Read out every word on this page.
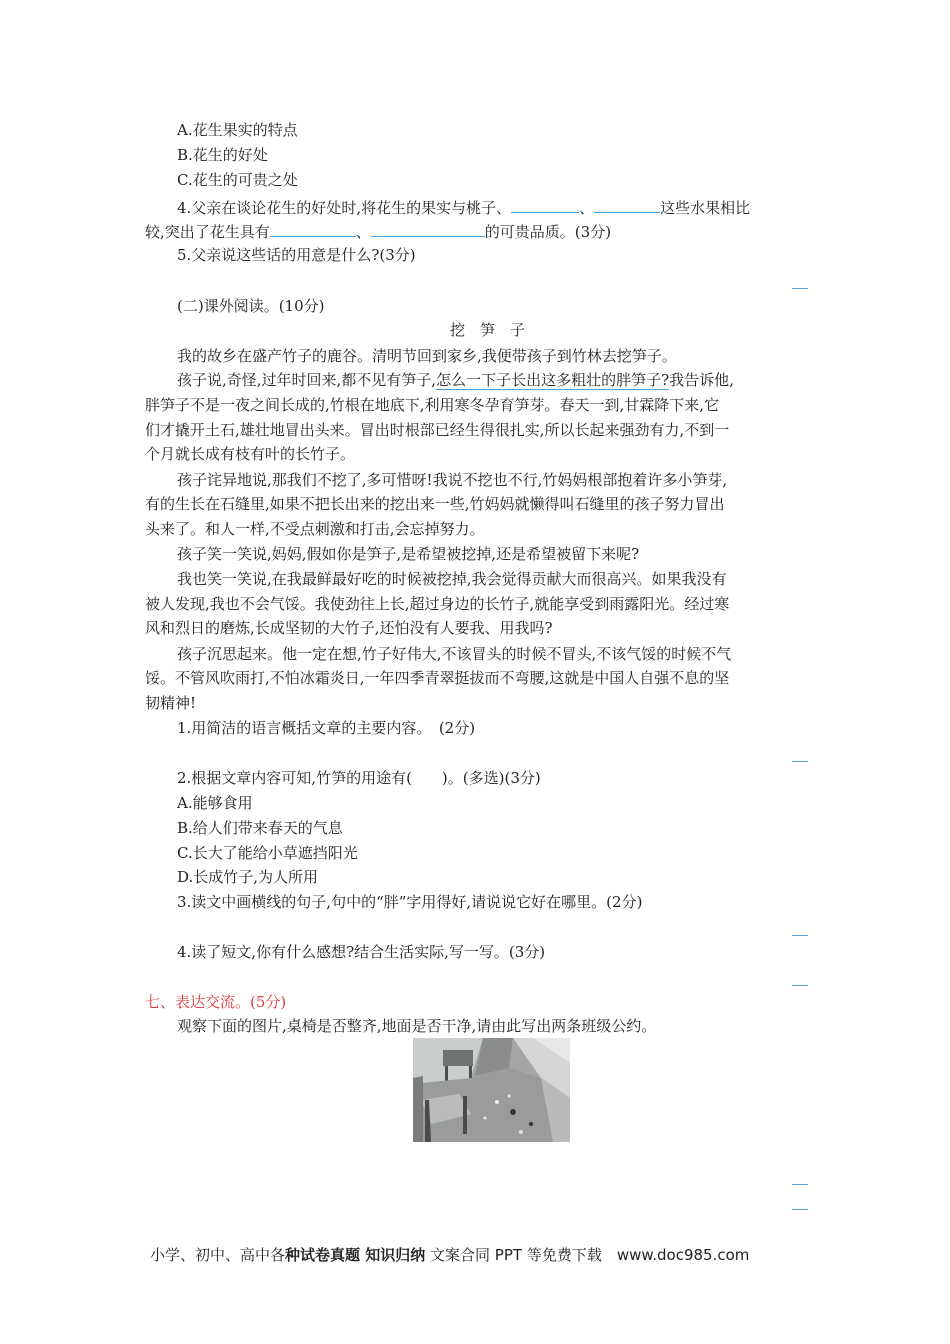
A.花生果实的特点
B.花生的好处
C.花生的可贵之处
4.父亲在谈论花生的好处时,将花生的果实与桃子、	、	这些水果相比
较,突出了花生具有	、	的可贵品质。(3分)
5.父亲说这些话的用意是什么?(3分)
(二)课外阅读。(10分)
挖　笋　子
我的故乡在盛产竹子的鹿谷。清明节回到家乡,我便带孩子到竹林去挖笋子。
孩子说,奇怪,过年时回来,都不见有笋子,怎么一下子长出这多粗壮的胖笋子?我告诉他,
胖笋子不是一夜之间长成的,竹根在地底下,利用寒冬孕育笋芽。春天一到,甘霖降下来,它
们才撬开土石,雄壮地冒出头来。冒出时根部已经生得很扎实,所以长起来强劲有力,不到一
个月就长成有枝有叶的长竹子。
孩子诧异地说,那我们不挖了,多可惜呀!我说不挖也不行,竹妈妈根部抱着许多小笋芽,
有的生长在石缝里,如果不把长出来的挖出来一些,竹妈妈就懒得叫石缝里的孩子努力冒出
头来了。和人一样,不受点刺激和打击,会忘掉努力。
孩子笑一笑说,妈妈,假如你是笋子,是希望被挖掉,还是希望被留下来呢?
我也笑一笑说,在我最鲜最好吃的时候被挖掉,我会觉得贡献大而很高兴。如果我没有
被人发现,我也不会气馁。我使劲往上长,超过身边的长竹子,就能享受到雨露阳光。经过寒
风和烈日的磨炼,长成坚韧的大竹子,还怕没有人要我、用我吗?
孩子沉思起来。他一定在想,竹子好伟大,不该冒头的时候不冒头,不该气馁的时候不气
馁。不管风吹雨打,不怕冰霜炎日,一年四季青翠挺拔而不弯腰,这就是中国人自强不息的坚
韧精神!
1.用简洁的语言概括文章的主要内容。　(2分)
2.根据文章内容可知,竹笋的用途有(　　)。(多选)(3分)
A.能够食用
B.给人们带来春天的气息
C.长大了能给小草遮挡阳光
D.长成竹子,为人所用
3.读文中画横线的句子,句中的“胖”字用得好,请说说它好在哪里。(2分)
4.读了短文,你有什么感想?结合生活实际,写一写。(3分)
七、表达交流。(5分)
观察下面的图片,桌椅是否整齐,地面是否干净,请由此写出两条班级公约。
小学、初中、高中各种试卷真题 知识归纳 文案合同 PPT 等免费下载　www.doc985.com
